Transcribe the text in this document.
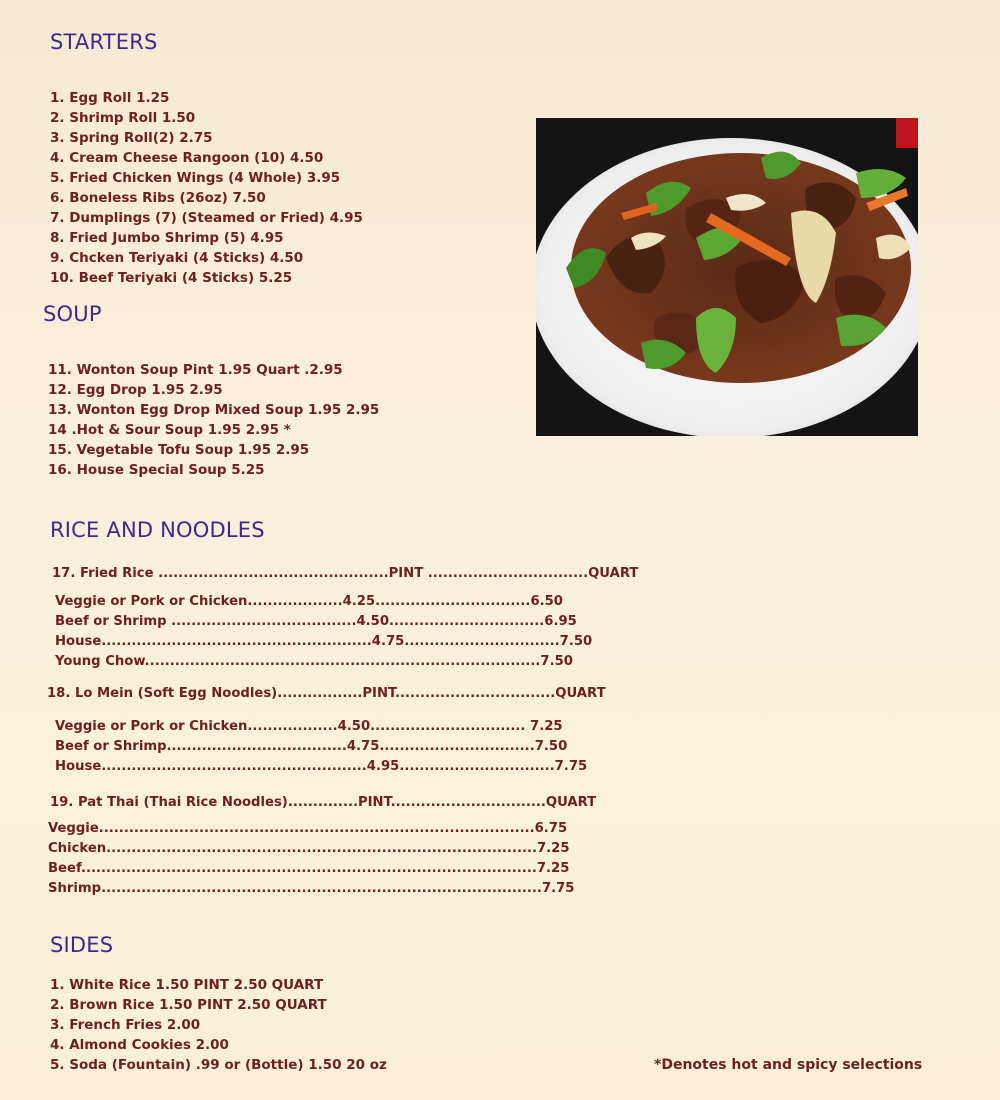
STARTERS
1. Egg Roll 1.25
2. Shrimp Roll 1.50
3. Spring Roll(2) 2.75
4. Cream Cheese Rangoon (10) 4.50
5. Fried Chicken Wings (4 Whole) 3.95
6. Boneless Ribs (26oz) 7.50
7. Dumplings (7) (Steamed or Fried) 4.95
8. Fried Jumbo Shrimp (5) 4.95
9. Chcken Teriyaki (4 Sticks) 4.50
10. Beef Teriyaki (4 Sticks) 5.25
SOUP
11. Wonton Soup Pint 1.95 Quart .2.95
12. Egg Drop 1.95 2.95
13. Wonton Egg Drop Mixed Soup 1.95 2.95
14 .Hot & Sour Soup 1.95 2.95 *
15. Vegetable Tofu Soup 1.95 2.95
16. House Special Soup 5.25
RICE AND NOODLES
17. Fried Rice ..............................................PINT ................................QUART
Veggie or Pork or Chicken...................4.25...............................6.50
Beef or Shrimp .....................................4.50...............................6.95
House......................................................4.75...............................7.50
Young Chow...............................................................................7.50
18. Lo Mein (Soft Egg Noodles).................PINT................................QUART
Veggie or Pork or Chicken..................4.50............................... 7.25
Beef or Shrimp....................................4.75...............................7.50
House.....................................................4.95...............................7.75
19. Pat Thai (Thai Rice Noodles)..............PINT...............................QUART
Veggie.......................................................................................6.75
Chicken......................................................................................7.25
Beef...........................................................................................7.25
Shrimp........................................................................................7.75
SIDES
1. White Rice 1.50 PINT 2.50 QUART
2. Brown Rice 1.50 PINT 2.50 QUART
3. French Fries 2.00
4. Almond Cookies 2.00
5. Soda (Fountain) .99 or (Bottle) 1.50 20 oz	*Denotes hot and spicy selections
